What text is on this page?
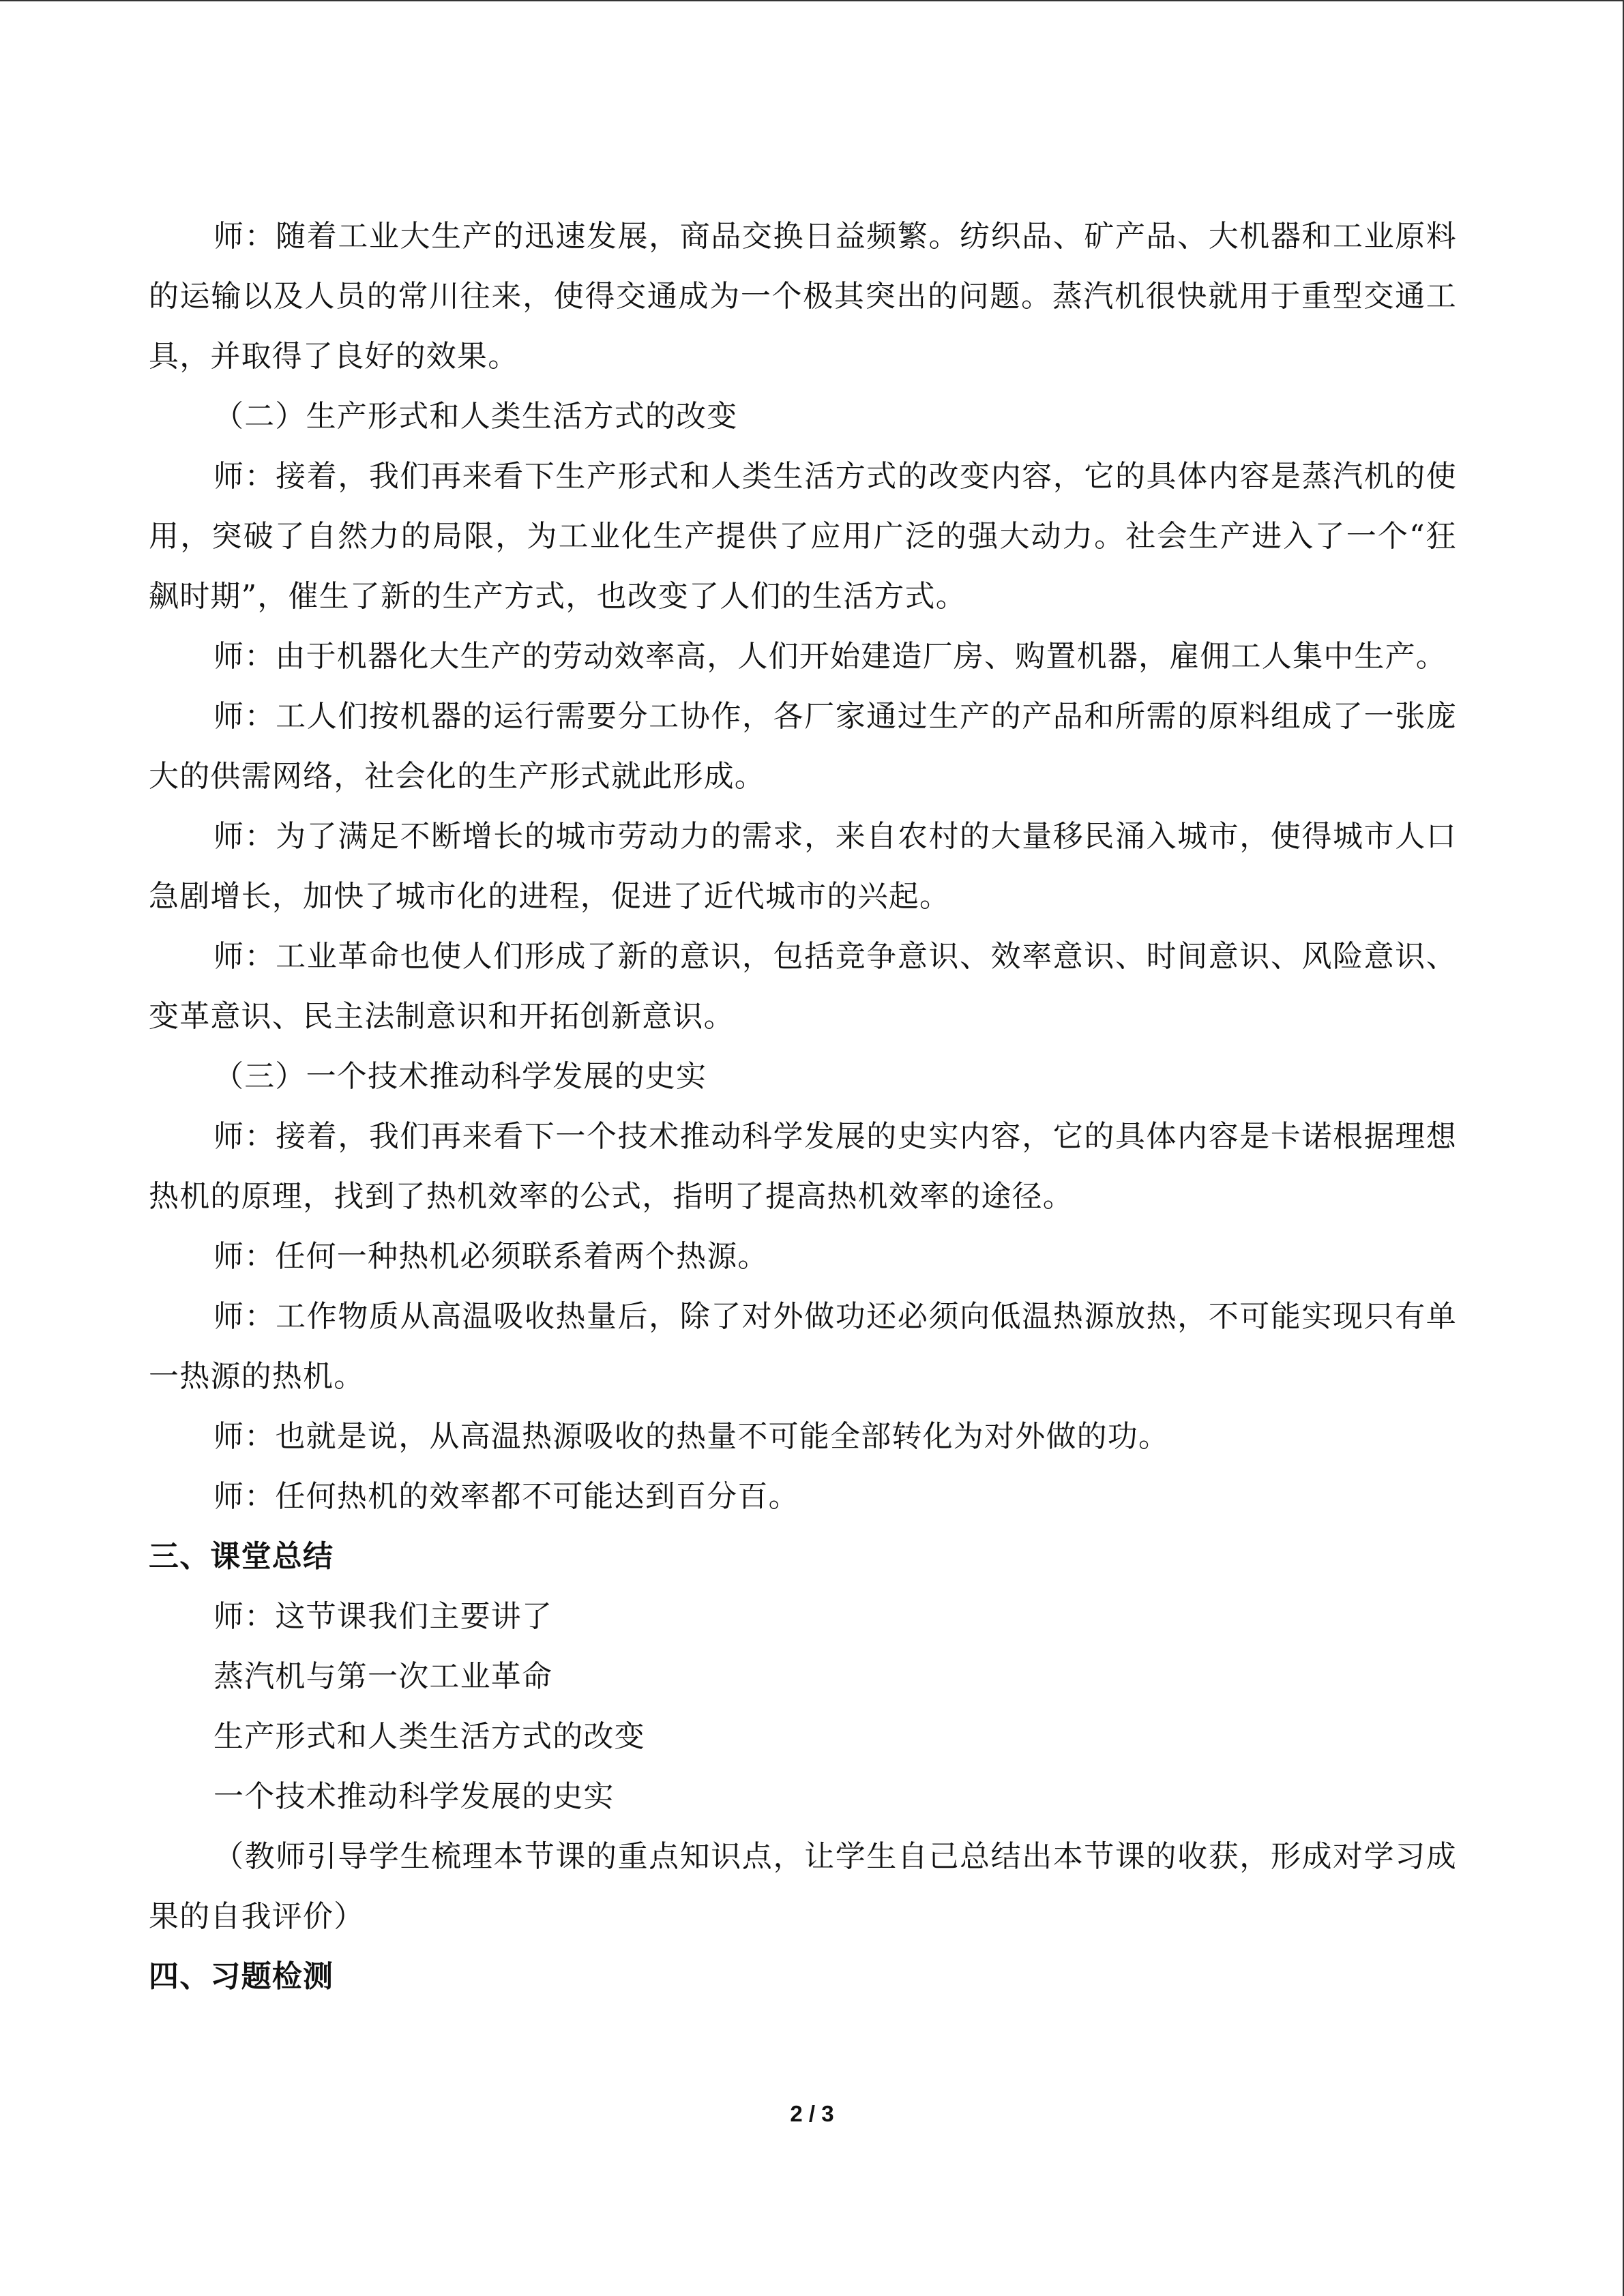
师：随着工业大生产的迅速发展，商品交换日益频繁。纺织品、矿产品、大机器和工业原料的运输以及人员的常川往来，使得交通成为一个极其突出的问题。蒸汽机很快就用于重型交通工具，并取得了良好的效果。

（二）生产形式和人类生活方式的改变

师：接着，我们再来看下生产形式和人类生活方式的改变内容，它的具体内容是蒸汽机的使用，突破了自然力的局限，为工业化生产提供了应用广泛的强大动力。社会生产进入了一个“狂飙时期”，催生了新的生产方式，也改变了人们的生活方式。

师：由于机器化大生产的劳动效率高，人们开始建造厂房、购置机器，雇佣工人集中生产。

师：工人们按机器的运行需要分工协作，各厂家通过生产的产品和所需的原料组成了一张庞大的供需网络，社会化的生产形式就此形成。

师：为了满足不断增长的城市劳动力的需求，来自农村的大量移民涌入城市，使得城市人口急剧增长，加快了城市化的进程，促进了近代城市的兴起。

师：工业革命也使人们形成了新的意识，包括竞争意识、效率意识、时间意识、风险意识、变革意识、民主法制意识和开拓创新意识。

（三）一个技术推动科学发展的史实

师：接着，我们再来看下一个技术推动科学发展的史实内容，它的具体内容是卡诺根据理想热机的原理，找到了热机效率的公式，指明了提高热机效率的途径。

师：任何一种热机必须联系着两个热源。

师：工作物质从高温吸收热量后，除了对外做功还必须向低温热源放热，不可能实现只有单一热源的热机。

师：也就是说，从高温热源吸收的热量不可能全部转化为对外做的功。

师：任何热机的效率都不可能达到百分百。

三、课堂总结

师：这节课我们主要讲了

蒸汽机与第一次工业革命

生产形式和人类生活方式的改变

一个技术推动科学发展的史实

（教师引导学生梳理本节课的重点知识点，让学生自己总结出本节课的收获，形成对学习成果的自我评价）

四、习题检测

2 / 3
